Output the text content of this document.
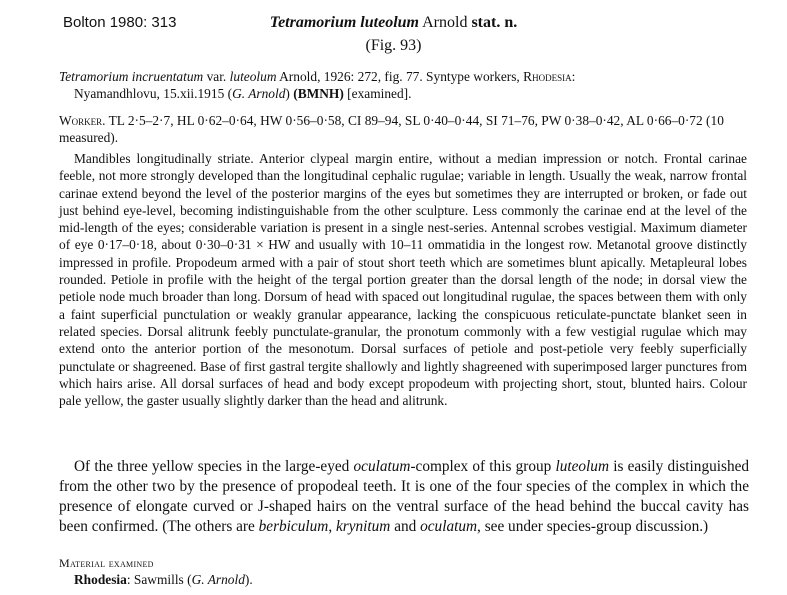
Bolton 1980: 313	Tetramorium luteolum Arnold stat. n.
(Fig. 93)
Tetramorium incruentatum var. luteolum Arnold, 1926: 272, fig. 77. Syntype workers, Rhodesia:
Nyamandhlovu, 15.xii.1915 (G. Arnold) (BMNH) [examined].
Worker. TL 2·5–2·7, HL 0·62–0·64, HW 0·56–0·58, CI 89–94, SL 0·40–0·44, SI 71–76, PW 0·38–0·42, AL 0·66–0·72 (10 measured).
Mandibles longitudinally striate. Anterior clypeal margin entire, without a median impression or notch. Frontal carinae feeble, not more strongly developed than the longitudinal cephalic rugulae; variable in length. Usually the weak, narrow frontal carinae extend beyond the level of the posterior margins of the eyes but sometimes they are interrupted or broken, or fade out just behind eye-level, becoming indistinguishable from the other sculpture. Less commonly the carinae end at the level of the mid-length of the eyes; considerable variation is present in a single nest-series. Antennal scrobes vestigial. Maximum diameter of eye 0·17–0·18, about 0·30–0·31 × HW and usually with 10–11 ommatidia in the longest row. Metanotal groove distinctly impressed in profile. Propodeum armed with a pair of stout short teeth which are sometimes blunt apically. Metapleural lobes rounded. Petiole in profile with the height of the tergal portion greater than the dorsal length of the node; in dorsal view the petiole node much broader than long. Dorsum of head with spaced out longitudinal rugulae, the spaces between them with only a faint superficial punctulation or weakly granular appearance, lacking the conspicuous reticulate-punctate blanket seen in related species. Dorsal alitrunk feebly punctulate-granular, the pronotum commonly with a few vestigial rugulae which may extend onto the anterior portion of the mesonotum. Dorsal surfaces of petiole and post-petiole very feebly superficially punctulate or shagreened. Base of first gastral tergite shallowly and lightly shagreened with superimposed larger punctures from which hairs arise. All dorsal surfaces of head and body except propodeum with projecting short, stout, blunted hairs. Colour pale yellow, the gaster usually slightly darker than the head and alitrunk.
Of the three yellow species in the large-eyed oculatum-complex of this group luteolum is easily distinguished from the other two by the presence of propodeal teeth. It is one of the four species of the complex in which the presence of elongate curved or J-shaped hairs on the ventral surface of the head behind the buccal cavity has been confirmed. (The others are berbiculum, krynitum and oculatum, see under species-group discussion.)
Material examined
Rhodesia: Sawmills (G. Arnold).
